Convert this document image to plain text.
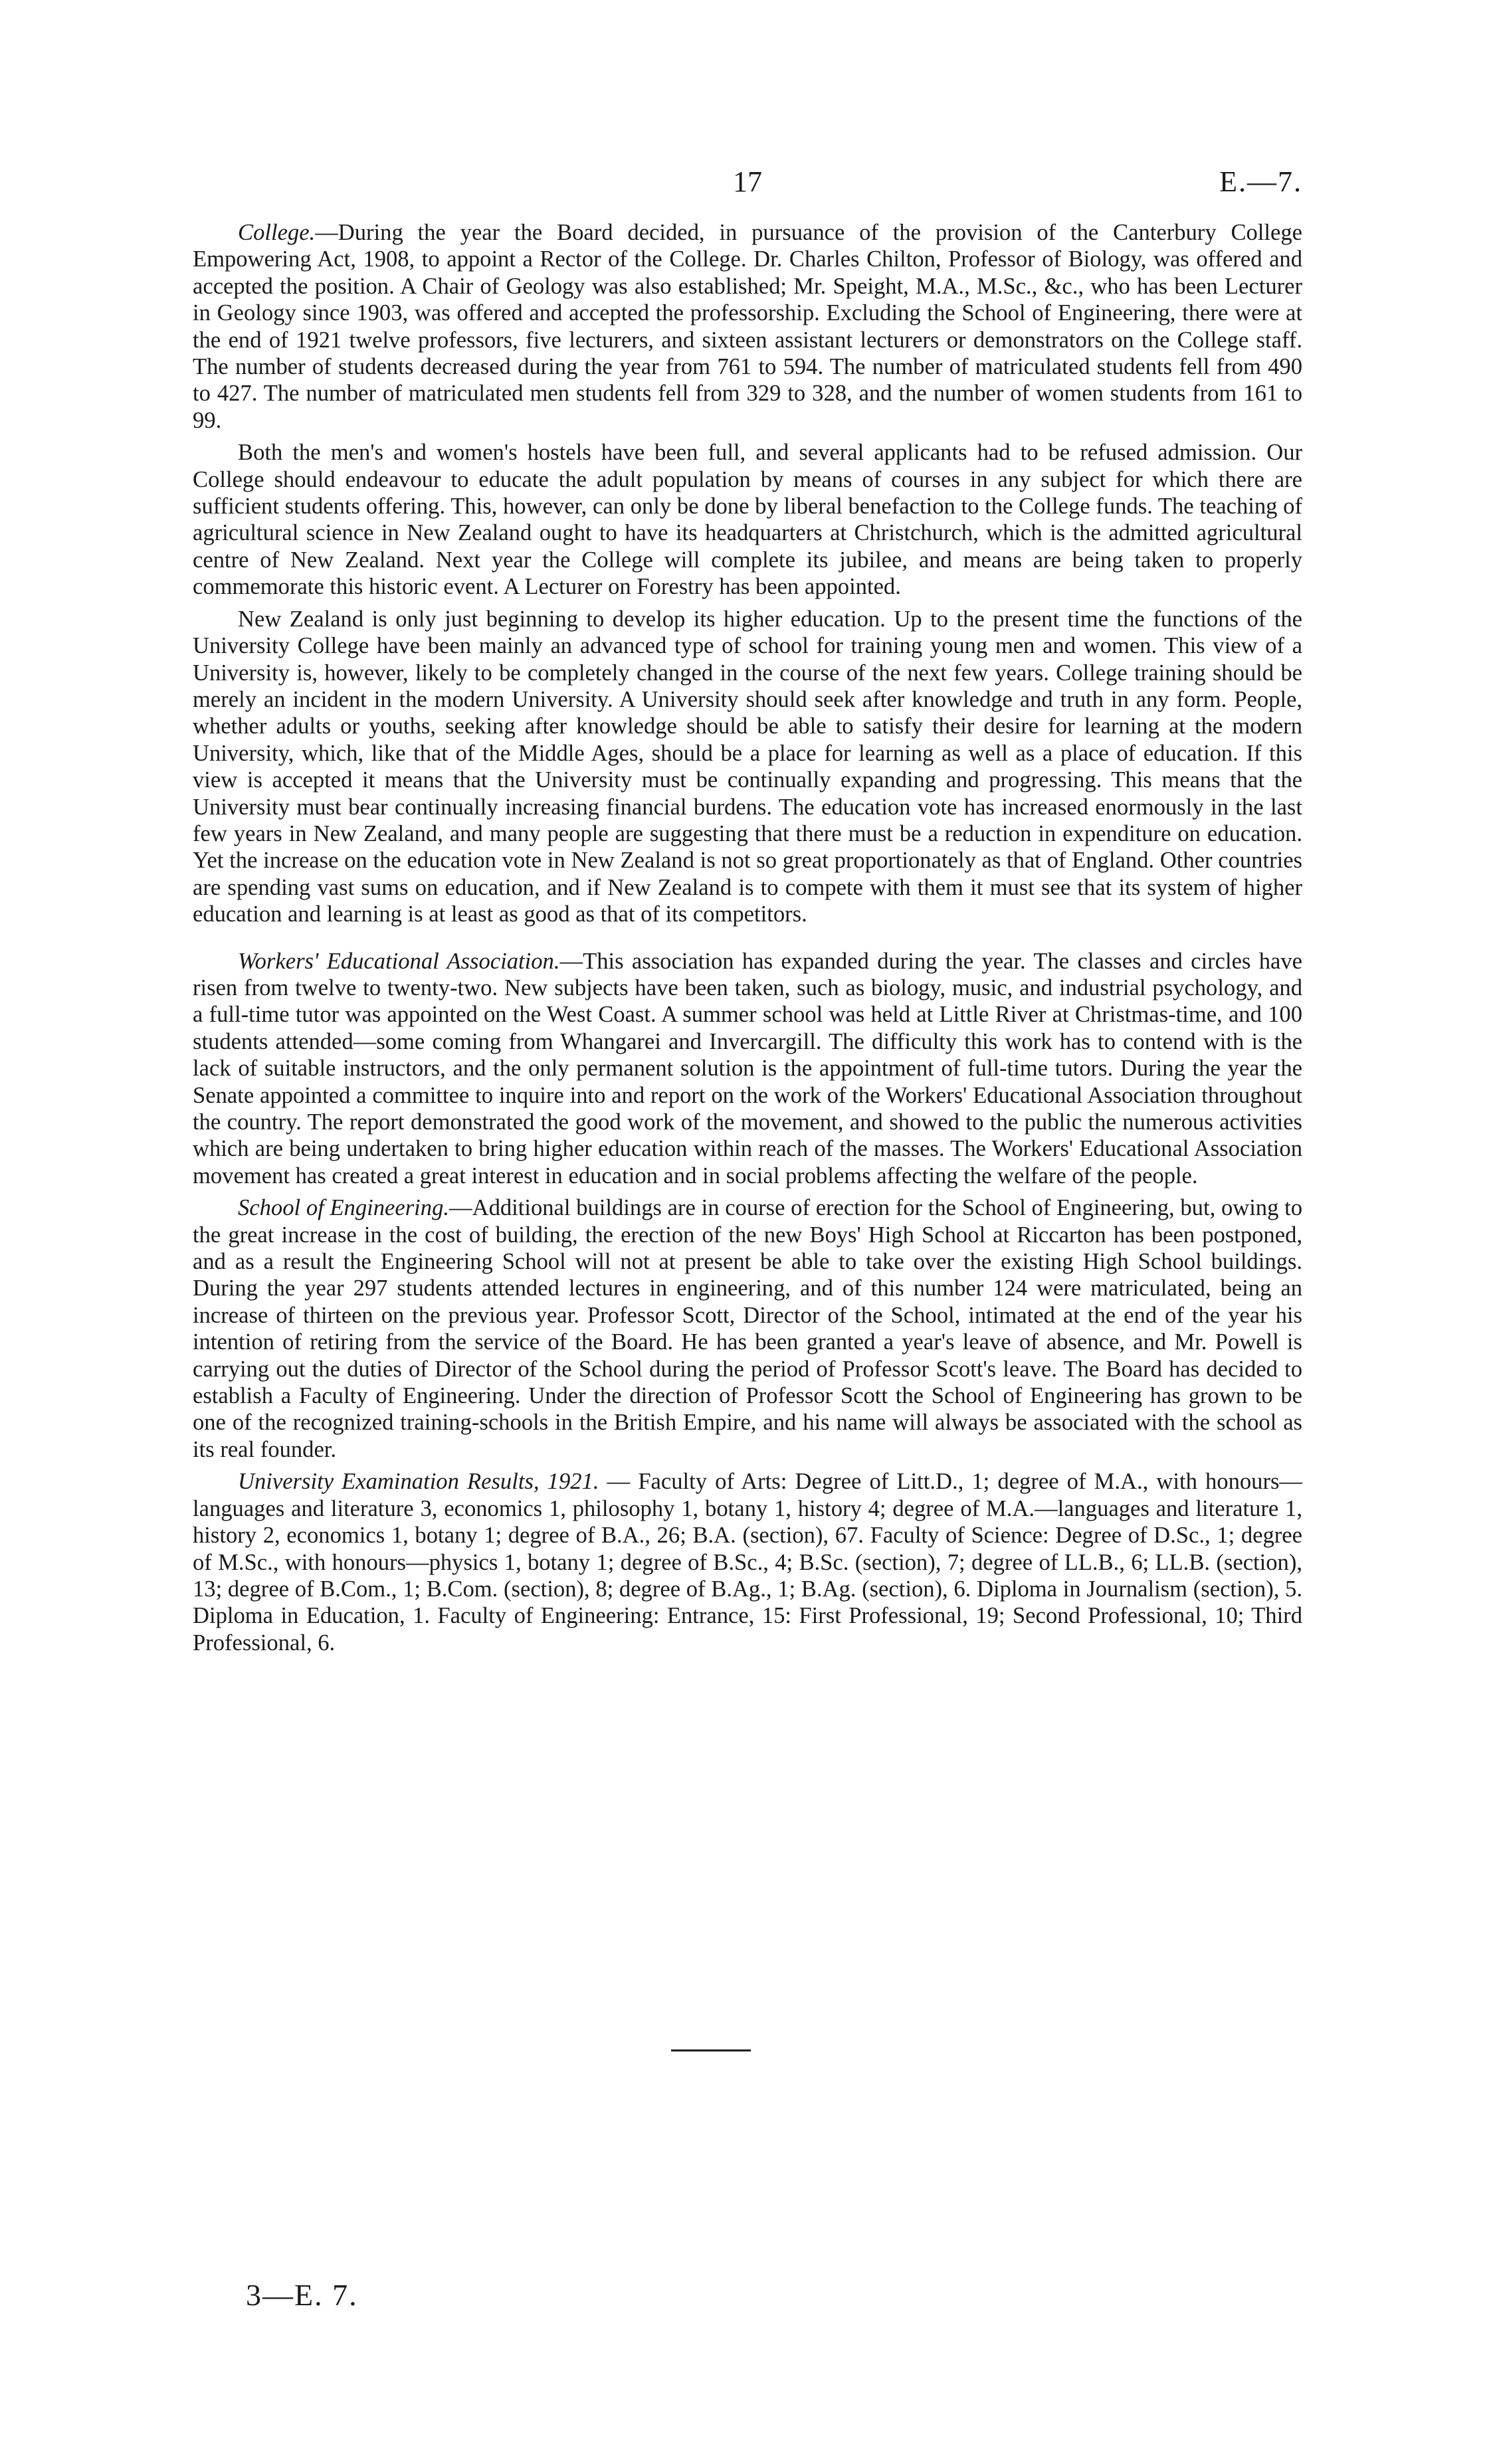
17	E.—7.

College.—During the year the Board decided, in pursuance of the provision of the Canterbury College Empowering Act, 1908, to appoint a Rector of the College. Dr. Charles Chilton, Professor of Biology, was offered and accepted the position. A Chair of Geology was also established; Mr. Speight, M.A., M.Sc., &c., who has been Lecturer in Geology since 1903, was offered and accepted the professorship. Excluding the School of Engineering, there were at the end of 1921 twelve professors, five lecturers, and sixteen assistant lecturers or demonstrators on the College staff. The number of students decreased during the year from 761 to 594. The number of matriculated students fell from 490 to 427. The number of matriculated men students fell from 329 to 328, and the number of women students from 161 to 99.

Both the men's and women's hostels have been full, and several applicants had to be refused admission. Our College should endeavour to educate the adult population by means of courses in any subject for which there are sufficient students offering. This, however, can only be done by liberal benefaction to the College funds. The teaching of agricultural science in New Zealand ought to have its headquarters at Christchurch, which is the admitted agricultural centre of New Zealand. Next year the College will complete its jubilee, and means are being taken to properly commemorate this historic event. A Lecturer on Forestry has been appointed.

New Zealand is only just beginning to develop its higher education. Up to the present time the functions of the University College have been mainly an advanced type of school for training young men and women. This view of a University is, however, likely to be completely changed in the course of the next few years. College training should be merely an incident in the modern University. A University should seek after knowledge and truth in any form. People, whether adults or youths, seeking after knowledge should be able to satisfy their desire for learning at the modern University, which, like that of the Middle Ages, should be a place for learning as well as a place of education. If this view is accepted it means that the University must be continually expanding and progressing. This means that the University must bear continually increasing financial burdens. The education vote has increased enormously in the last few years in New Zealand, and many people are suggesting that there must be a reduction in expenditure on education. Yet the increase on the education vote in New Zealand is not so great proportionately as that of England. Other countries are spending vast sums on education, and if New Zealand is to compete with them it must see that its system of higher education and learning is at least as good as that of its competitors.

Workers' Educational Association.—This association has expanded during the year. The classes and circles have risen from twelve to twenty-two. New subjects have been taken, such as biology, music, and industrial psychology, and a full-time tutor was appointed on the West Coast. A summer school was held at Little River at Christmas-time, and 100 students attended—some coming from Whangarei and Invercargill. The difficulty this work has to contend with is the lack of suitable instructors, and the only permanent solution is the appointment of full-time tutors. During the year the Senate appointed a committee to inquire into and report on the work of the Workers' Educational Association throughout the country. The report demonstrated the good work of the movement, and showed to the public the numerous activities which are being undertaken to bring higher education within reach of the masses. The Workers' Educational Association movement has created a great interest in education and in social problems affecting the welfare of the people.

School of Engineering.—Additional buildings are in course of erection for the School of Engineering, but, owing to the great increase in the cost of building, the erection of the new Boys' High School at Riccarton has been postponed, and as a result the Engineering School will not at present be able to take over the existing High School buildings. During the year 297 students attended lectures in engineering, and of this number 124 were matriculated, being an increase of thirteen on the previous year. Professor Scott, Director of the School, intimated at the end of the year his intention of retiring from the service of the Board. He has been granted a year's leave of absence, and Mr. Powell is carrying out the duties of Director of the School during the period of Professor Scott's leave. The Board has decided to establish a Faculty of Engineering. Under the direction of Professor Scott the School of Engineering has grown to be one of the recognized training-schools in the British Empire, and his name will always be associated with the school as its real founder.

University Examination Results, 1921. — Faculty of Arts: Degree of Litt.D., 1; degree of M.A., with honours—languages and literature 3, economics 1, philosophy 1, botany 1, history 4; degree of M.A.—languages and literature 1, history 2, economics 1, botany 1; degree of B.A., 26; B.A. (section), 67. Faculty of Science: Degree of D.Sc., 1; degree of M.Sc., with honours—physics 1, botany 1; degree of B.Sc., 4; B.Sc. (section), 7; degree of LL.B., 6; LL.B. (section), 13; degree of B.Com., 1; B.Com. (section), 8; degree of B.Ag., 1; B.Ag. (section), 6. Diploma in Journalism (section), 5. Diploma in Education, 1. Faculty of Engineering: Entrance, 15: First Professional, 19; Second Professional, 10; Third Professional, 6.

3—E. 7.
